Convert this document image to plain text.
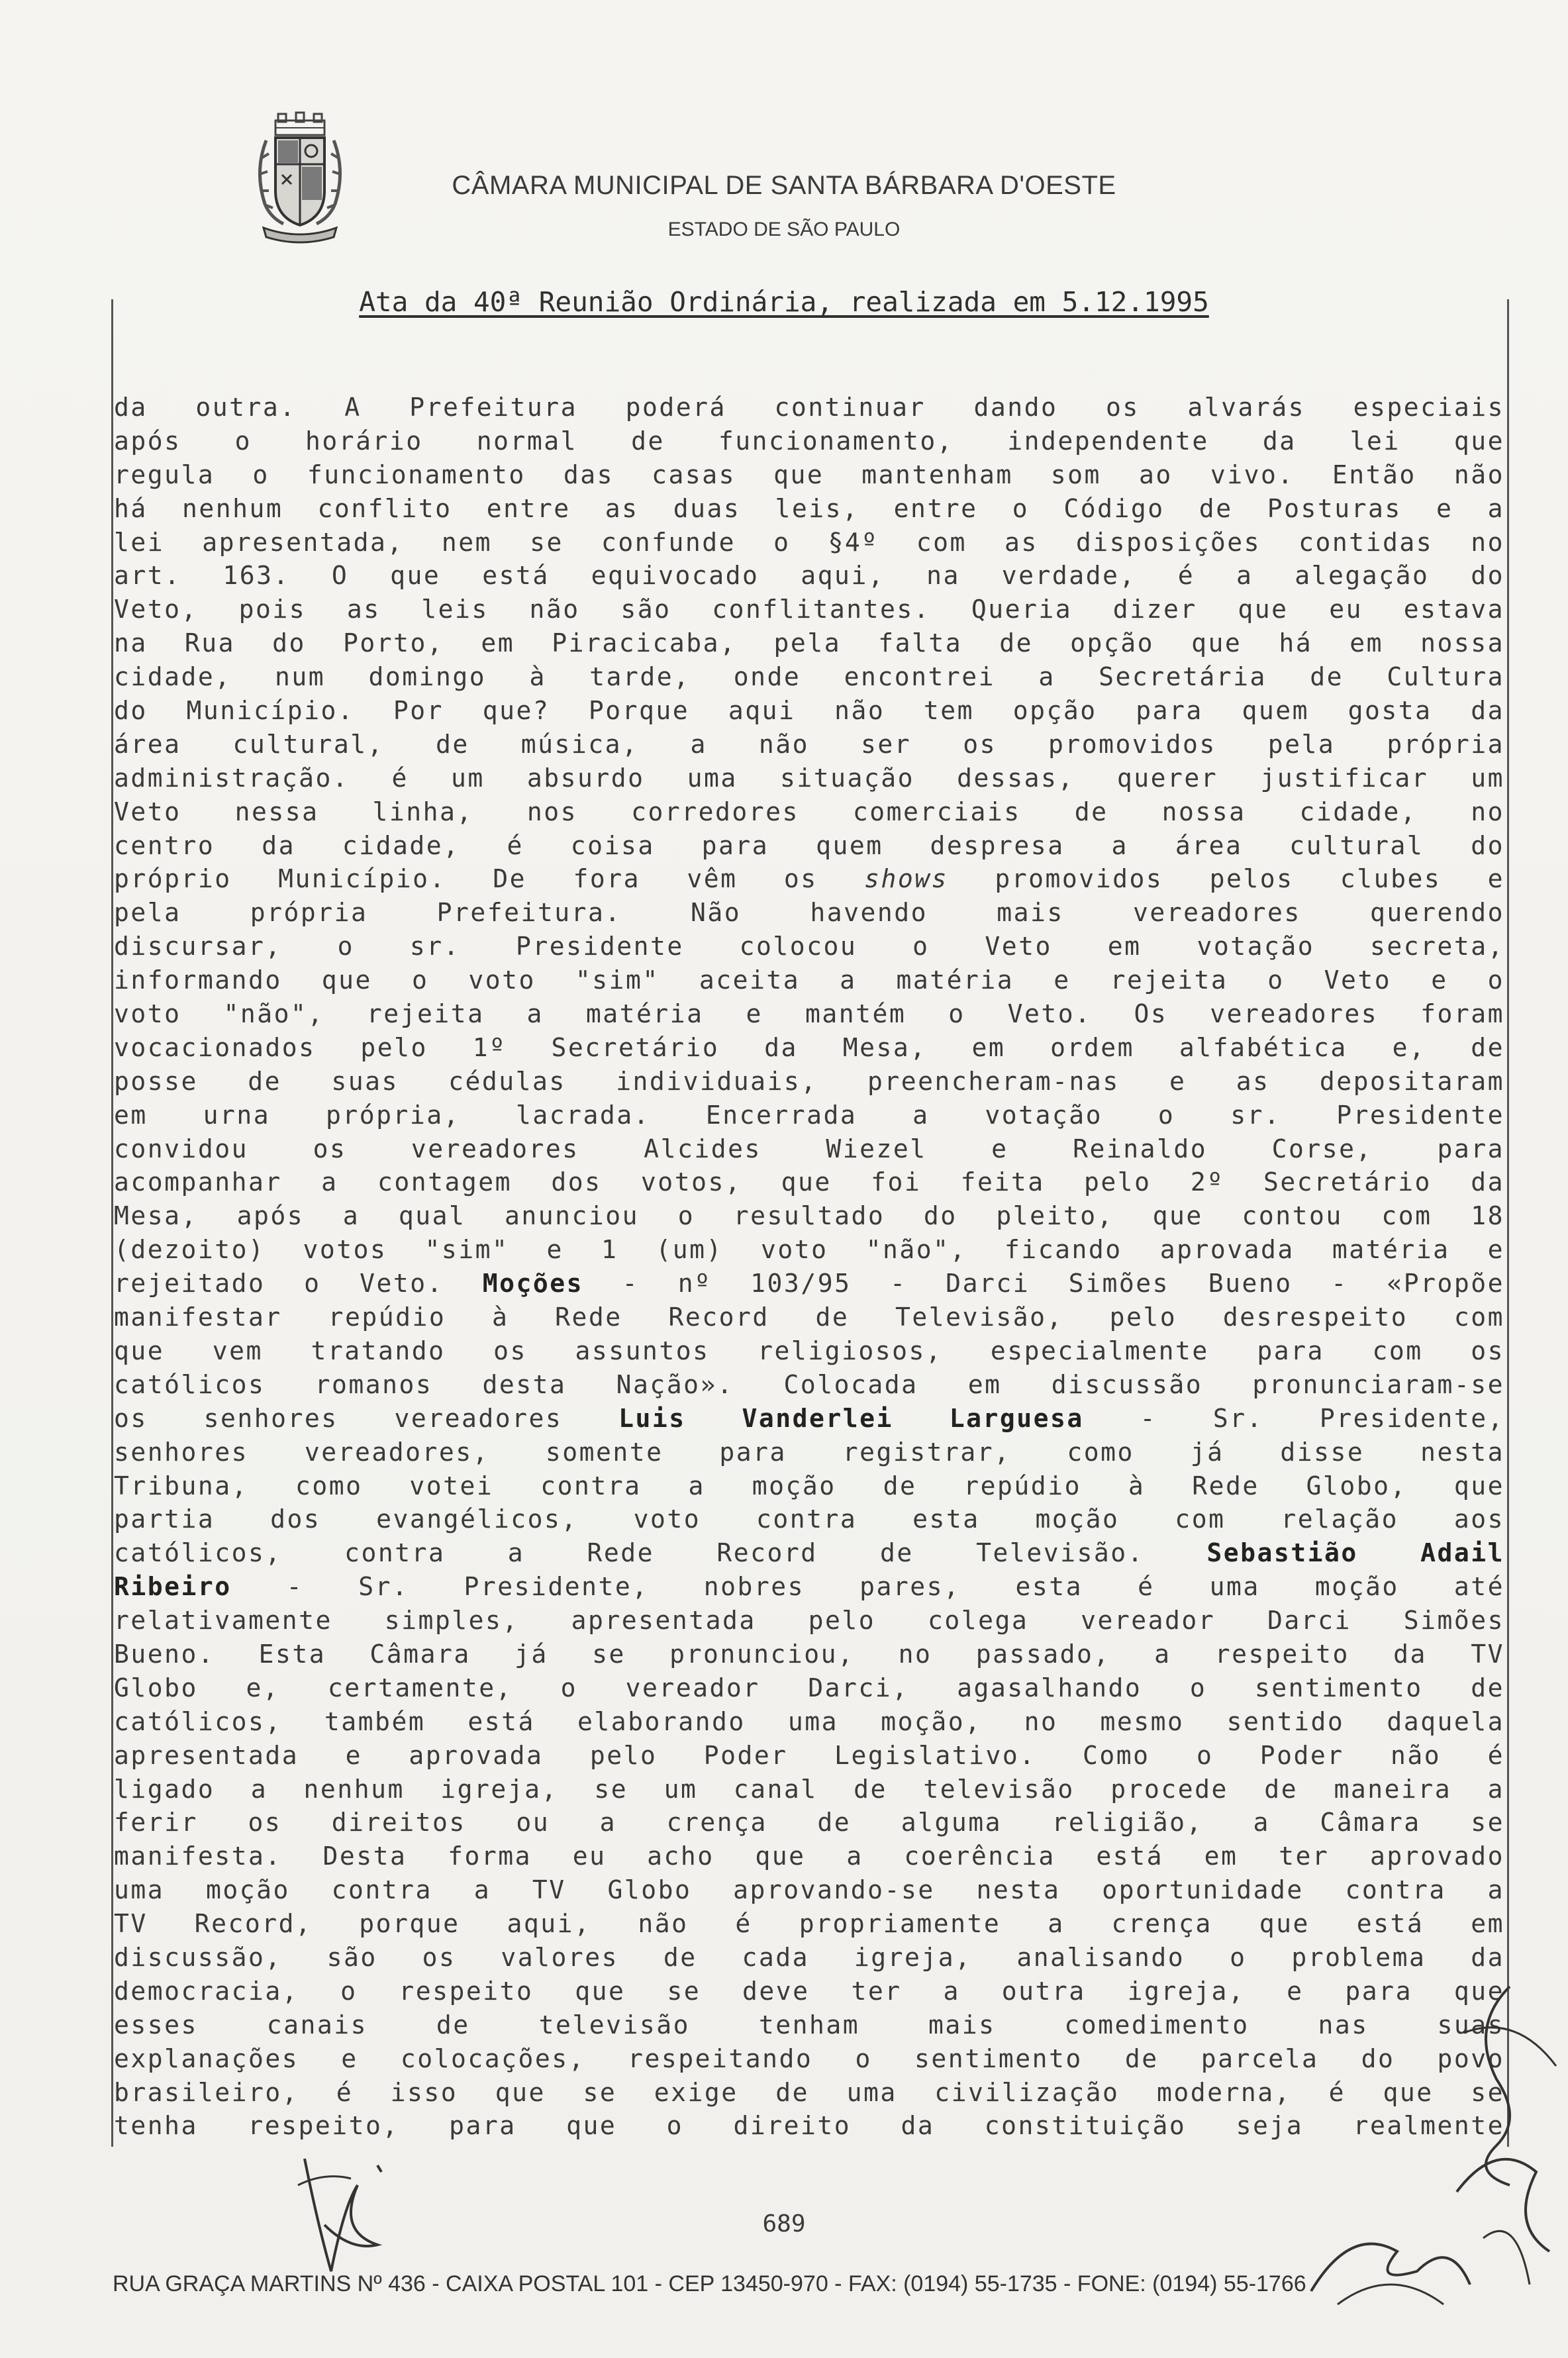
CÂMARA MUNICIPAL DE SANTA BÁRBARA D'OESTE
ESTADO DE SÃO PAULO
Ata da 40ª Reunião Ordinária, realizada em 5.12.1995
da outra. A Prefeitura poderá continuar dando os alvarás especiais
após o horário normal de funcionamento, independente da lei que
regula o funcionamento das casas que mantenham som ao vivo. Então não
há nenhum conflito entre as duas leis, entre o Código de Posturas e a
lei apresentada, nem se confunde o §4º com as disposições contidas no
art. 163. O que está equivocado aqui, na verdade, é a alegação do
Veto, pois as leis não são conflitantes. Queria dizer que eu estava
na Rua do Porto, em Piracicaba, pela falta de opção que há em nossa
cidade, num domingo à tarde, onde encontrei a Secretária de Cultura
do Município. Por que? Porque aqui não tem opção para quem gosta da
área cultural, de música, a não ser os promovidos pela própria
administração. é um absurdo uma situação dessas, querer justificar um
Veto nessa linha, nos corredores comerciais de nossa cidade, no
centro da cidade, é coisa para quem despresa a área cultural do
próprio Município. De fora vêm os shows promovidos pelos clubes e
pela própria Prefeitura. Não havendo mais vereadores querendo
discursar, o sr. Presidente colocou o Veto em votação secreta,
informando que o voto "sim" aceita a matéria e rejeita o Veto e o
voto "não", rejeita a matéria e mantém o Veto. Os vereadores foram
vocacionados pelo 1º Secretário da Mesa, em ordem alfabética e, de
posse de suas cédulas individuais, preencheram-nas e as depositaram
em urna própria, lacrada. Encerrada a votação o sr. Presidente
convidou os vereadores Alcides Wiezel e Reinaldo Corse, para
acompanhar a contagem dos votos, que foi feita pelo 2º Secretário da
Mesa, após a qual anunciou o resultado do pleito, que contou com 18
(dezoito) votos "sim" e 1 (um) voto "não", ficando aprovada matéria e
rejeitado o Veto. Moções - nº 103/95 - Darci Simões Bueno - «Propõe
manifestar repúdio à Rede Record de Televisão, pelo desrespeito com
que vem tratando os assuntos religiosos, especialmente para com os
católicos romanos desta Nação». Colocada em discussão pronunciaram-se
os senhores vereadores Luis Vanderlei Larguesa - Sr. Presidente,
senhores vereadores, somente para registrar, como já disse nesta
Tribuna, como votei contra a moção de repúdio à Rede Globo, que
partia dos evangélicos, voto contra esta moção com relação aos
católicos, contra a Rede Record de Televisão. Sebastião Adail
Ribeiro - Sr. Presidente, nobres pares, esta é uma moção até
relativamente simples, apresentada pelo colega vereador Darci Simões
Bueno. Esta Câmara já se pronunciou, no passado, a respeito da TV
Globo e, certamente, o vereador Darci, agasalhando o sentimento de
católicos, também está elaborando uma moção, no mesmo sentido daquela
apresentada e aprovada pelo Poder Legislativo. Como o Poder não é
ligado a nenhum igreja, se um canal de televisão procede de maneira a
ferir os direitos ou a crença de alguma religião, a Câmara se
manifesta. Desta forma eu acho que a coerência está em ter aprovado
uma moção contra a TV Globo aprovando-se nesta oportunidade contra a
TV Record, porque aqui, não é propriamente a crença que está em
discussão, são os valores de cada igreja, analisando o problema da
democracia, o respeito que se deve ter a outra igreja, e para que
esses canais de televisão tenham mais comedimento nas suas
explanações e colocações, respeitando o sentimento de parcela do povo
brasileiro, é isso que se exige de uma civilização moderna, é que se
tenha respeito, para que o direito da constituição seja realmente
689
RUA GRAÇA MARTINS Nº 436 - CAIXA POSTAL 101 - CEP 13450-970 - FAX: (0194) 55-1735 - FONE: (0194) 55-1766
